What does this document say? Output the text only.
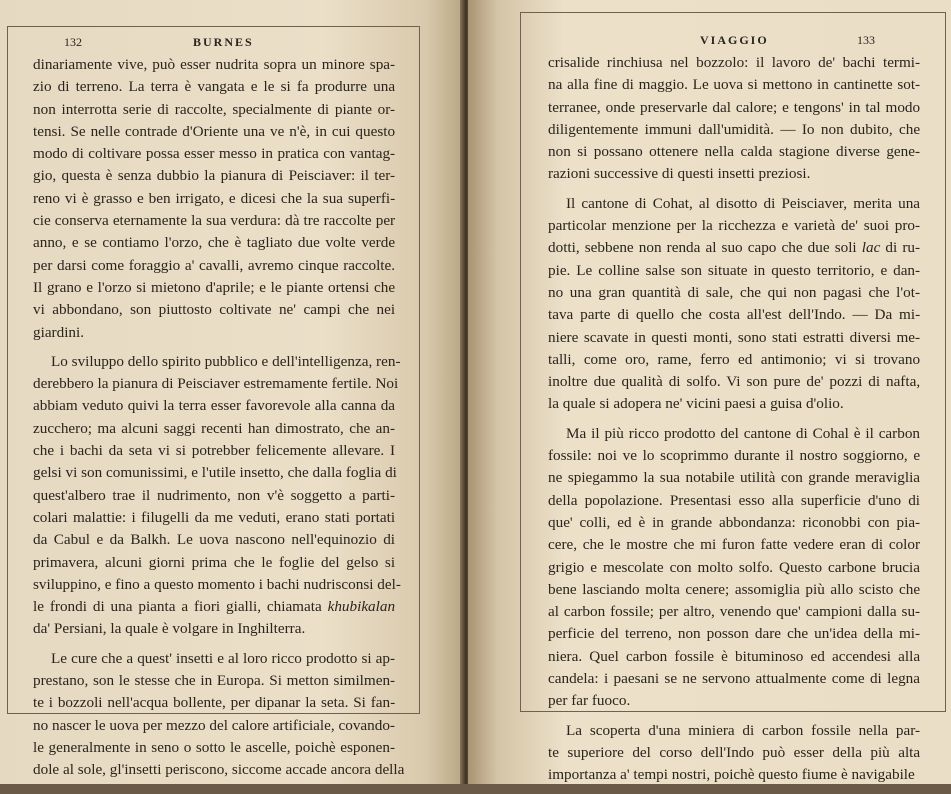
132	BURNES

dinariamente vive, può esser nudrita sopra un minore spa-
zio di terreno. La terra è vangata e le si fa produrre una
non interrotta serie di raccolte, specialmente di piante or-
tensi. Se nelle contrade d'Oriente una ve n'è, in cui questo
modo di coltivare possa esser messo in pratica con vantag-
gio, questa è senza dubbio la pianura di Peisciaver: il ter-
reno vi è grasso e ben irrigato, e dicesi che la sua superfi-
cie conserva eternamente la sua verdura: dà tre raccolte per
anno, e se contiamo l'orzo, che è tagliato due volte verde
per darsi come foraggio a' cavalli, avremo cinque raccolte.
Il grano e l'orzo si mietono d'aprile; e le piante ortensi che
vi abbondano, son piuttosto coltivate ne' campi che nei
giardini.

Lo sviluppo dello spirito pubblico e dell'intelligenza, ren-
derebbero la pianura di Peisciaver estremamente fertile. Noi
abbiam veduto quivi la terra esser favorevole alla canna da
zucchero; ma alcuni saggi recenti han dimostrato, che an-
che i bachi da seta vi si potrebber felicemente allevare. I
gelsi vi son comunissimi, e l'utile insetto, che dalla foglia di
quest'albero trae il nudrimento, non v'è soggetto a parti-
colari malattie: i filugelli da me veduti, erano stati portati
da Cabul e da Balkh. Le uova nascono nell'equinozio di
primavera, alcuni giorni prima che le foglie del gelso si
sviluppino, e fino a questo momento i bachi nudrisconsi del-
le frondi di una pianta a fiori gialli, chiamata khubikalan
da' Persiani, la quale è volgare in Inghilterra.

Le cure che a quest' insetti e al loro ricco prodotto si ap-
prestano, son le stesse che in Europa. Si metton similmen-
te i bozzoli nell'acqua bollente, per dipanar la seta. Si fan-
no nascer le uova per mezzo del calore artificiale, covando-
le generalmente in seno o sotto le ascelle, poichè esponen-
dole al sole, gl'insetti periscono, siccome accade ancora della

VIAGGIO	133

crisalide rinchiusa nel bozzolo: il lavoro de' bachi termi-
na alla fine di maggio. Le uova si mettono in cantinette sot-
terranee, onde preservarle dal calore; e tengons' in tal modo
diligentemente immuni dall'umidità. — Io non dubito, che
non si possano ottenere nella calda stagione diverse gene-
razioni successive di questi insetti preziosi.

Il cantone di Cohat, al disotto di Peisciaver, merita una
particolar menzione per la ricchezza e varietà de' suoi pro-
dotti, sebbene non renda al suo capo che due soli lac di ru-
pie. Le colline salse son situate in questo territorio, e dan-
no una gran quantità di sale, che qui non pagasi che l'ot-
tava parte di quello che costa all'est dell'Indo. — Da mi-
niere scavate in questi monti, sono stati estratti diversi me-
talli, come oro, rame, ferro ed antimonio; vi si trovano
inoltre due qualità di solfo. Vi son pure de' pozzi di nafta,
la quale si adopera ne' vicini paesi a guisa d'olio.

Ma il più ricco prodotto del cantone di Cohal è il carbon
fossile: noi ve lo scoprimmo durante il nostro soggiorno, e
ne spiegammo la sua notabile utilità con grande meraviglia
della popolazione. Presentasi esso alla superficie d'uno di
que' colli, ed è in grande abbondanza: riconobbi con pia-
cere, che le mostre che mi furon fatte vedere eran di color
grigio e mescolate con molto solfo. Questo carbone brucia
bene lasciando molta cenere; assomiglia più allo scisto che
al carbon fossile; per altro, venendo que' campioni dalla su-
perficie del terreno, non posson dare che un'idea della mi-
niera. Quel carbon fossile è bituminoso ed accendesi alla
candela: i paesani se ne servono attualmente come di legna
per far fuoco.

La scoperta d'una miniera di carbon fossile nella par-
te superiore del corso dell'Indo può esser della più alta
importanza a' tempi nostri, poichè questo fiume è navigabile
